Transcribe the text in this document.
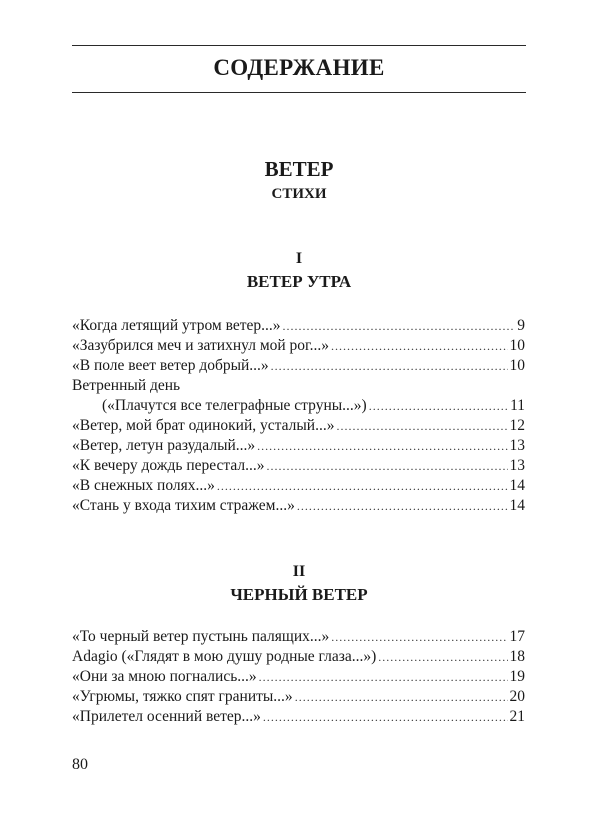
СОДЕРЖАНИЕ
ВЕТЕР
СТИХИ
I
ВЕТЕР УТРА
«Когда летящий утром ветер...» . . .	9
«Зазубрился меч и затихнул мой рог...» . . .	10
«В поле веет ветер добрый...» . . .	10
Ветренный день
(«Плачутся все телеграфные струны...») . . .	11
«Ветер, мой брат одинокий, усталый...» . . .	12
«Ветер, летун разудалый...» . . .	13
«К вечеру дождь перестал...» . . .	13
«В снежных полях...» . . .	14
«Стань у входа тихим стражем...» . . .	14
II
ЧЕРНЫЙ ВЕТЕР
«То черный ветер пустынь палящих...» . . .	17
Adagio («Глядят в мою душу родные глаза...») . . .	18
«Они за мною погнались...» . . .	19
«Угрюмы, тяжко спят граниты...» . . .	20
«Прилетел осенний ветер...» . . .	21
80
